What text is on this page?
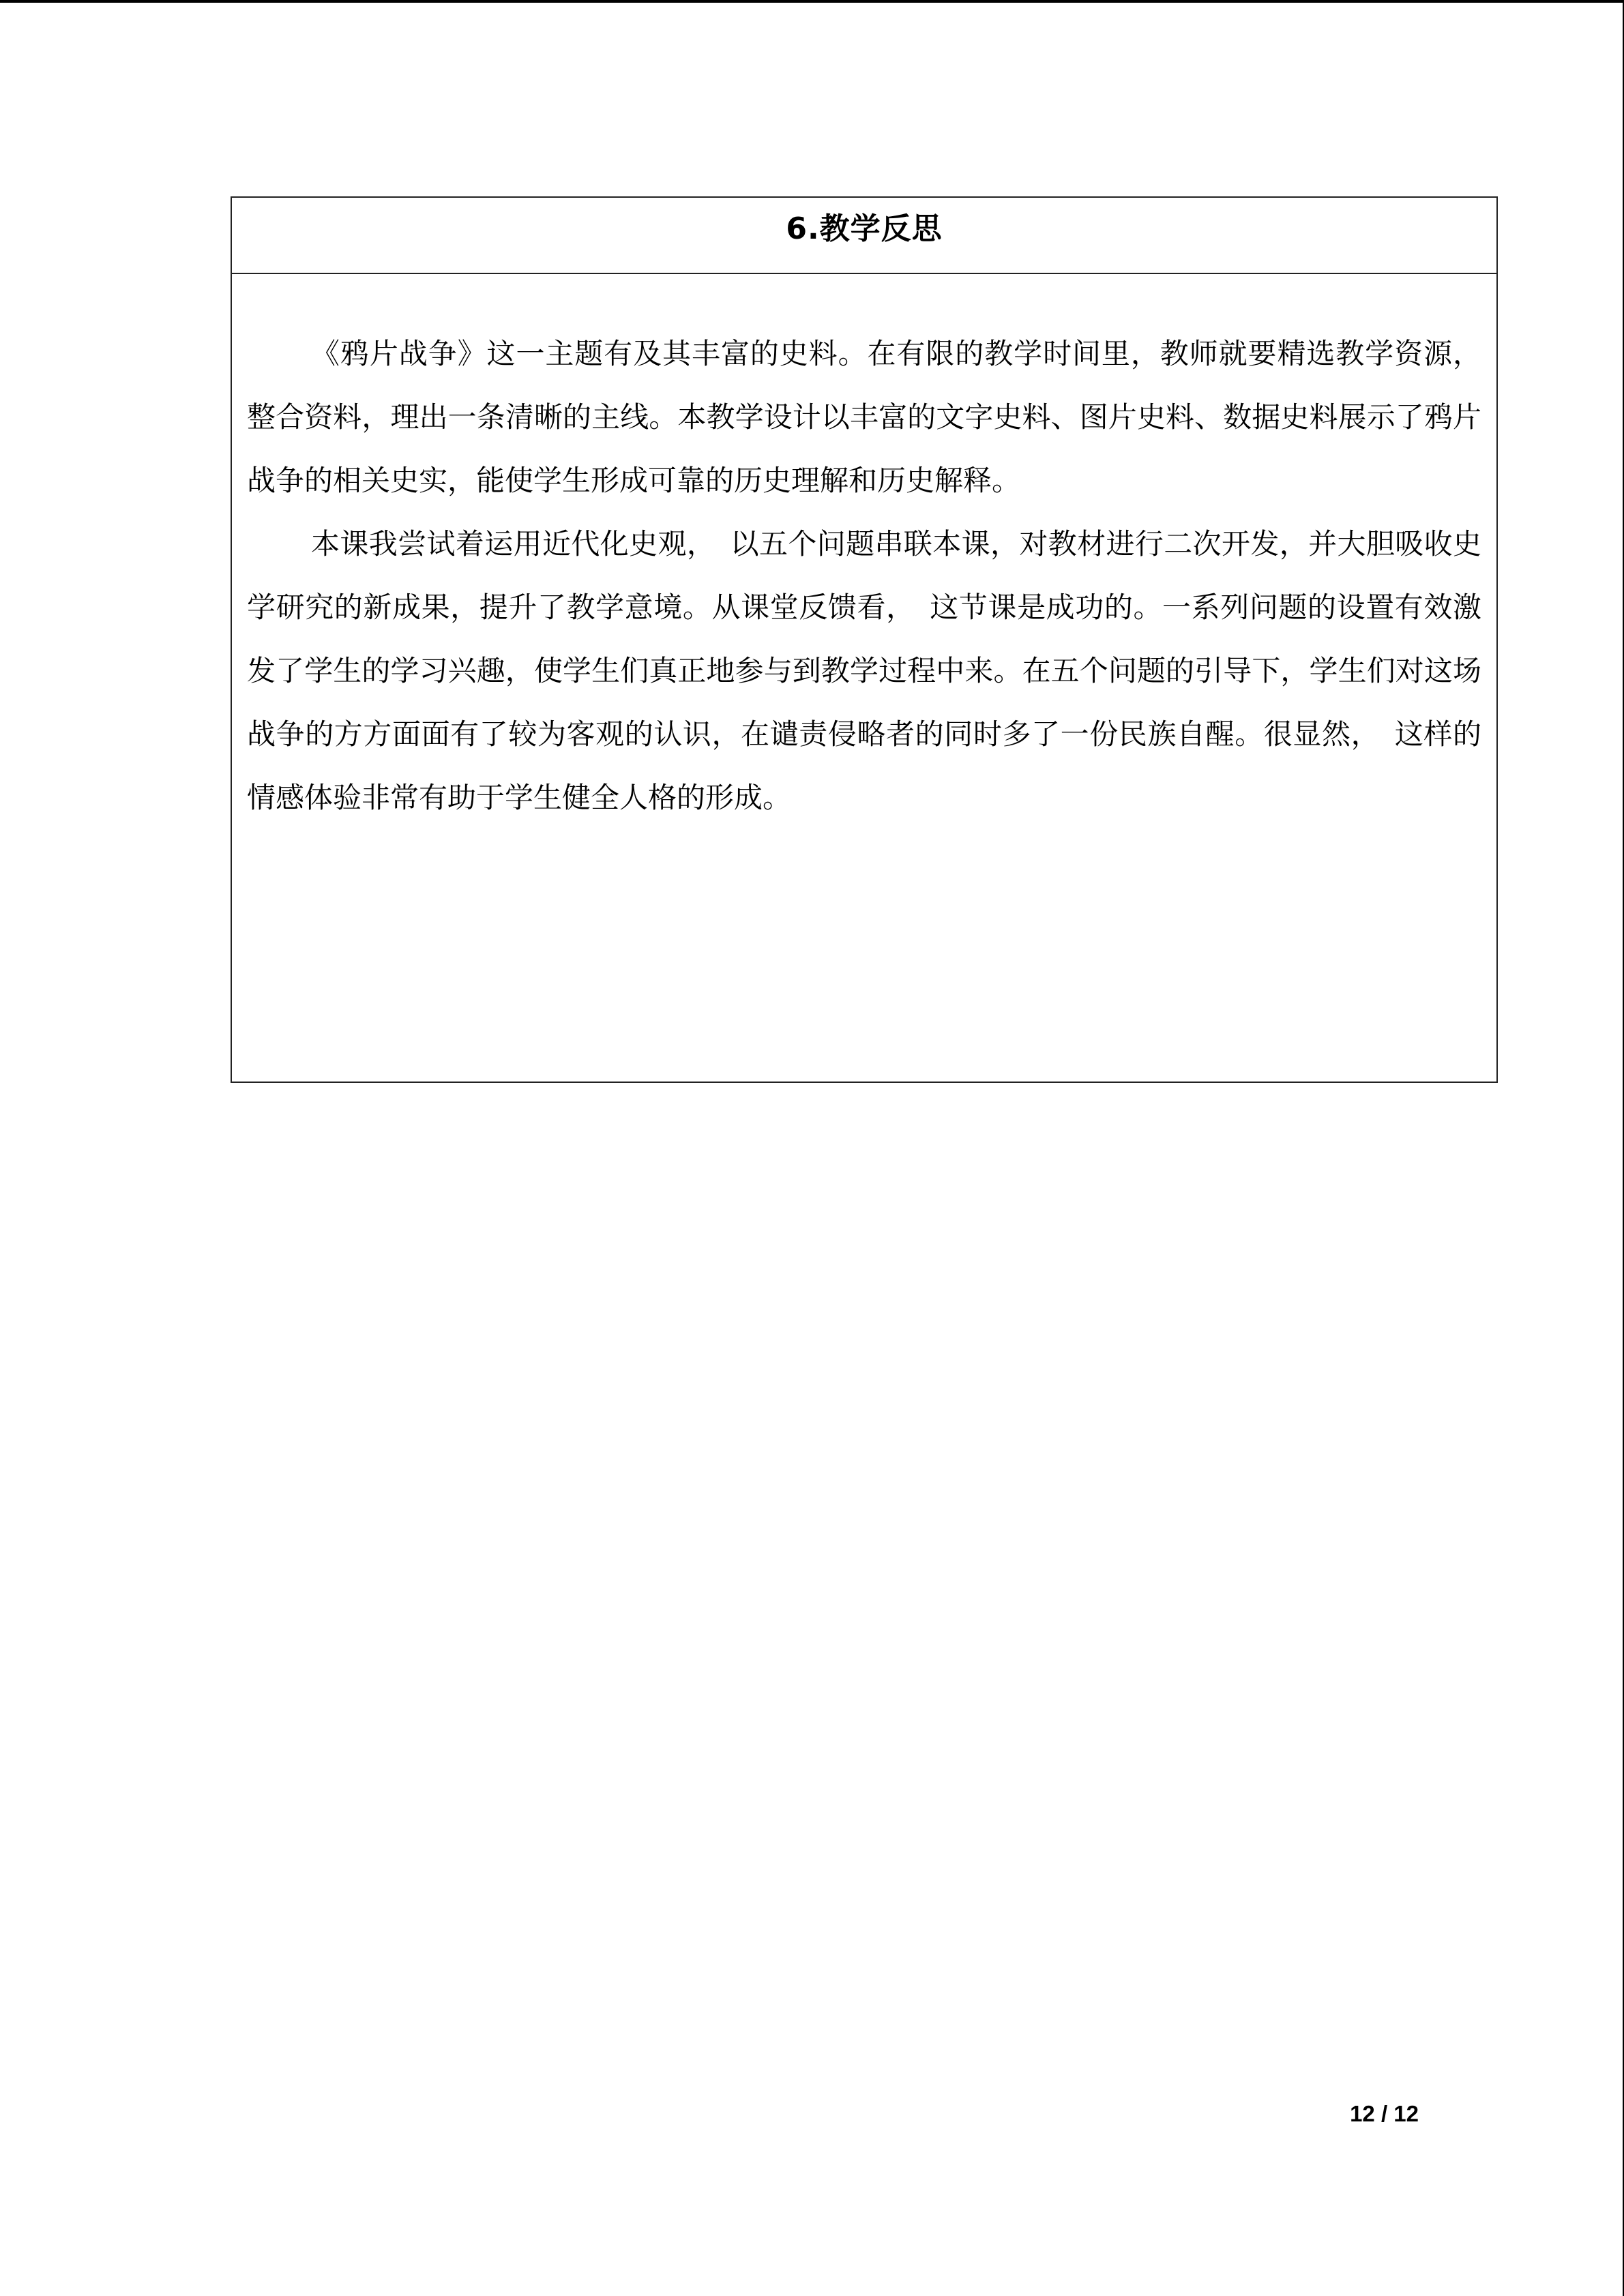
6.教学反思

《鸦片战争》这一主题有及其丰富的史料。在有限的教学时间里，教师就要精选教学资源，整合资料，理出一条清晰的主线。本教学设计以丰富的文字史料、图片史料、数据史料展示了鸦片战争的相关史实，能使学生形成可靠的历史理解和历史解释。

本课我尝试着运用近代化史观，　以五个问题串联本课，对教材进行二次开发，并大胆吸收史学研究的新成果，提升了教学意境。从课堂反馈看，　这节课是成功的。一系列问题的设置有效激发了学生的学习兴趣，使学生们真正地参与到教学过程中来。在五个问题的引导下，学生们对这场战争的方方面面有了较为客观的认识，在谴责侵略者的同时多了一份民族自醒。很显然，　这样的情感体验非常有助于学生健全人格的形成。

12 / 12
